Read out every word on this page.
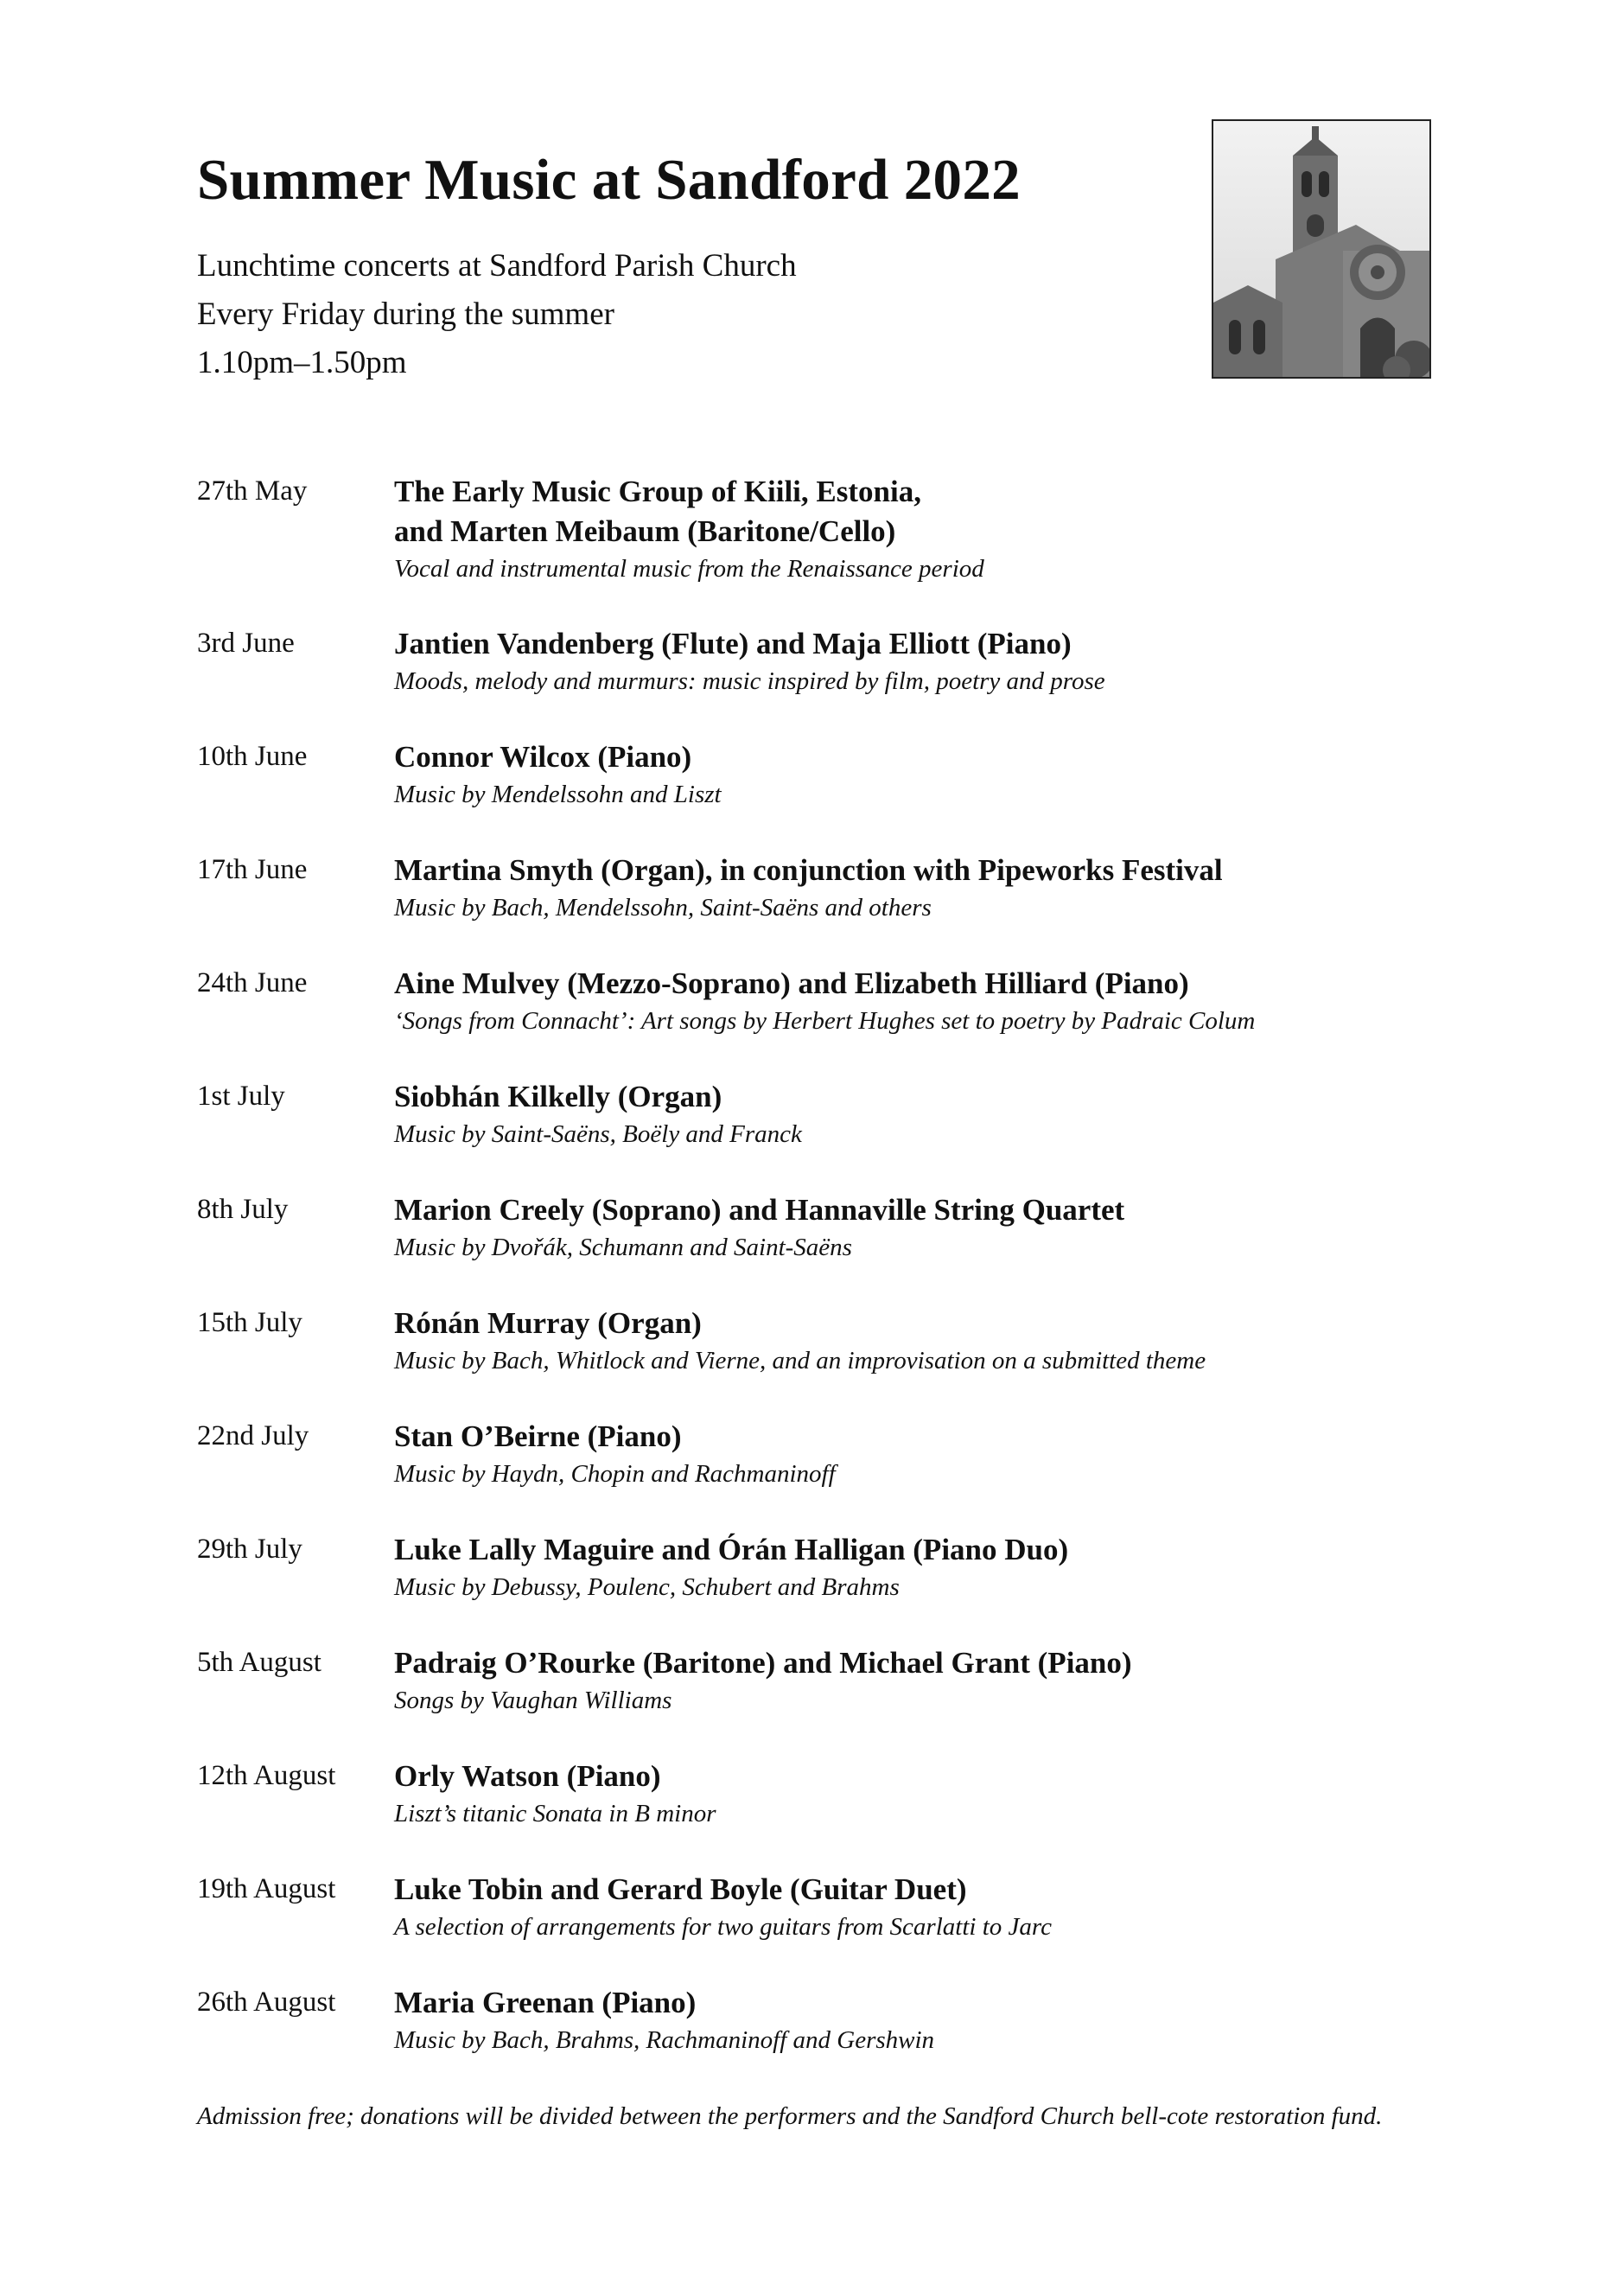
Summer Music at Sandford 2022
Lunchtime concerts at Sandford Parish Church
Every Friday during the summer
1.10pm–1.50pm
27th May	The Early Music Group of Kiili, Estonia,
and Marten Meibaum (Baritone/Cello)
Vocal and instrumental music from the Renaissance period
3rd June	Jantien Vandenberg (Flute) and Maja Elliott (Piano)
Moods, melody and murmurs: music inspired by film, poetry and prose
10th June	Connor Wilcox (Piano)
Music by Mendelssohn and Liszt
17th June	Martina Smyth (Organ), in conjunction with Pipeworks Festival
Music by Bach, Mendelssohn, Saint-Saëns and others
24th June	Aine Mulvey (Mezzo-Soprano) and Elizabeth Hilliard (Piano)
‘Songs from Connacht’: Art songs by Herbert Hughes set to poetry by Padraic Colum
1st July	Siobhán Kilkelly (Organ)
Music by Saint-Saëns, Boëly and Franck
8th July	Marion Creely (Soprano) and Hannaville String Quartet
Music by Dvořák, Schumann and Saint-Saëns
15th July	Rónán Murray (Organ)
Music by Bach, Whitlock and Vierne, and an improvisation on a submitted theme
22nd July	Stan O’Beirne (Piano)
Music by Haydn, Chopin and Rachmaninoff
29th July	Luke Lally Maguire and Órán Halligan (Piano Duo)
Music by Debussy, Poulenc, Schubert and Brahms
5th August Padraig O’Rourke (Baritone) and Michael Grant (Piano)
Songs by Vaughan Williams
12th August Orly Watson (Piano)
Liszt’s titanic Sonata in B minor
19th August Luke Tobin and Gerard Boyle (Guitar Duet)
A selection of arrangements for two guitars from Scarlatti to Jarc
26th August Maria Greenan (Piano)
Music by Bach, Brahms, Rachmaninoff and Gershwin
Admission free; donations will be divided between the performers and the Sandford Church bell-cote restoration fund.
